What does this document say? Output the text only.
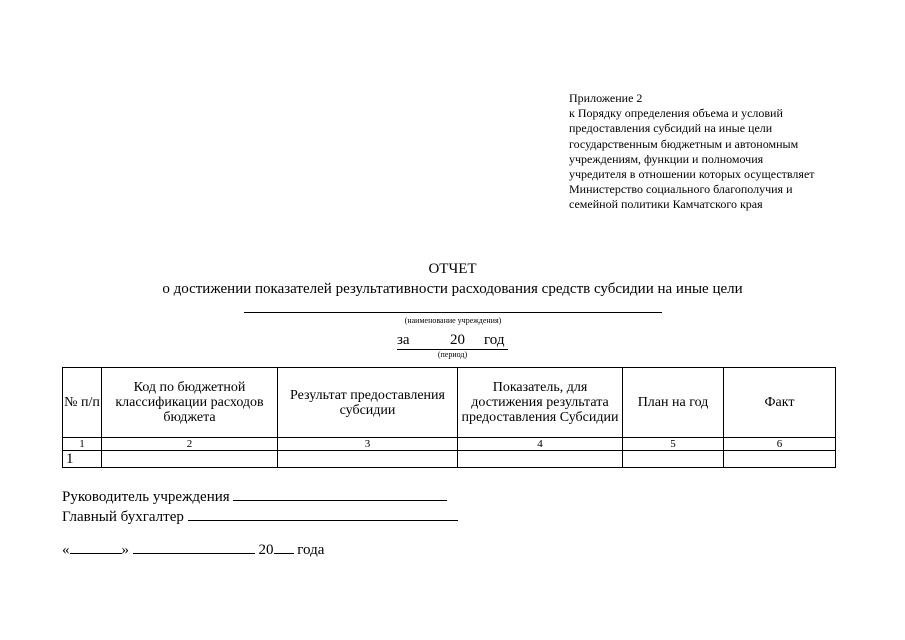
Приложение 2
к Порядку определения объема и условий
предоставления субсидий на иные цели
государственным бюджетным и автономным
учреждениям, функции и полномочия
учредителя в отношении которых осуществляет
Министерство социального благополучия и
семейной политики Камчатского края
ОТЧЕТ
о достижении показателей результативности расходования средств субсидии на иные цели
(наименование учреждения)
за	20 год
(период)
№ п/п	Код по бюджетной классификации расходов бюджета	Результат предоставления субсидии	Показатель, для достижения результата предоставления Субсидии	План на год	Факт
1	2	3	4	5	6
1					
Руководитель учреждения
Главный бухгалтер
«	»	20 года
